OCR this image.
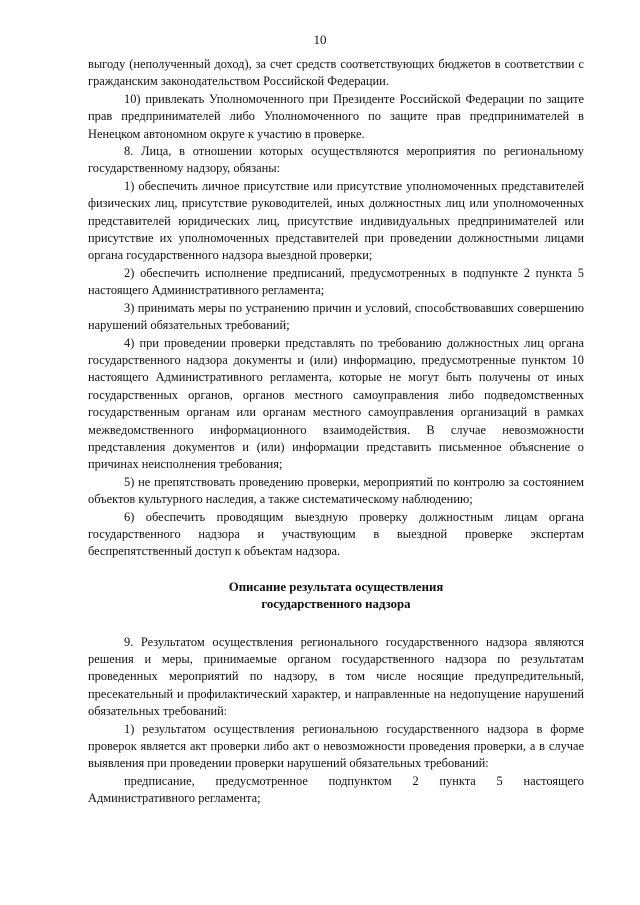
10

выгоду (неполученный доход), за счет средств соответствующих бюджетов в соответствии с гражданским законодательством Российской Федерации.

10) привлекать Уполномоченного при Президенте Российской Федерации по защите прав предпринимателей либо Уполномоченного по защите прав предпринимателей в Ненецком автономном округе к участию в проверке.

8. Лица, в отношении которых осуществляются мероприятия по региональному государственному надзору, обязаны:

1) обеспечить личное присутствие или присутствие уполномоченных представителей физических лиц, присутствие руководителей, иных должностных лиц или уполномоченных представителей юридических лиц, присутствие индивидуальных предпринимателей или присутствие их уполномоченных представителей при проведении должностными лицами органа государственного надзора выездной проверки;

2) обеспечить исполнение предписаний, предусмотренных в подпункте 2 пункта 5 настоящего Административного регламента;

3) принимать меры по устранению причин и условий, способствовавших совершению нарушений обязательных требований;

4) при проведении проверки представлять по требованию должностных лиц органа государственного надзора документы и (или) информацию, предусмотренные пунктом 10 настоящего Административного регламента, которые не могут быть получены от иных государственных органов, органов местного самоуправления либо подведомственных государственным органам или органам местного самоуправления организаций в рамках межведомственного информационного взаимодействия. В случае невозможности представления документов и (или) информации представить письменное объяснение о причинах неисполнения требования;

5) не препятствовать проведению проверки, мероприятий по контролю за состоянием объектов культурного наследия, а также систематическому наблюдению;

6) обеспечить проводящим выездную проверку должностным лицам органа государственного надзора и участвующим в выездной проверке экспертам беспрепятственный доступ к объектам надзора.

Описание результата осуществления

государственного надзора

9. Результатом осуществления регионального государственного надзора являются решения и меры, принимаемые органом государственного надзора по результатам проведенных мероприятий по надзору, в том числе носящие предупредительный, пресекательный и профилактический характер, и направленные на недопущение нарушений обязательных требований:

1) результатом осуществления региональною государственного надзора в форме проверок является акт проверки либо акт о невозможности проведения проверки, а в случае выявления при проведении проверки нарушений обязательных требований:

предписание, предусмотренное подпунктом 2 пункта 5 настоящего Административного регламента;
